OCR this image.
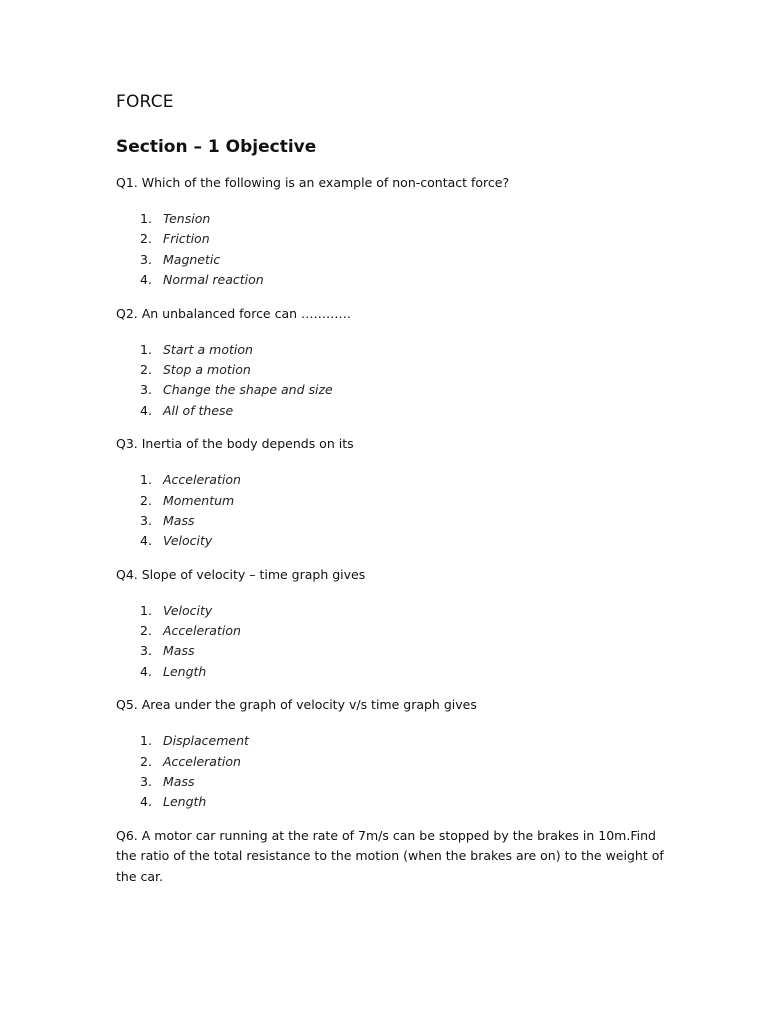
FORCE
Section – 1 Objective

Q1. Which of the following is an example of non-contact force?

1. Tension
2. Friction
3. Magnetic
4. Normal reaction

Q2. An unbalanced force can …………

1. Start a motion
2. Stop a motion
3. Change the shape and size
4. All of these

Q3. Inertia of the body depends on its

1. Acceleration
2. Momentum
3. Mass
4. Velocity

Q4. Slope of velocity – time graph gives

1. Velocity
2. Acceleration
3. Mass
4. Length

Q5. Area under the graph of velocity v/s time graph gives

1. Displacement
2. Acceleration
3. Mass
4. Length

Q6. A motor car running at the rate of 7m/s can be stopped by the brakes in 10m.Find the ratio of the total resistance to the motion (when the brakes are on) to the weight of the car.
